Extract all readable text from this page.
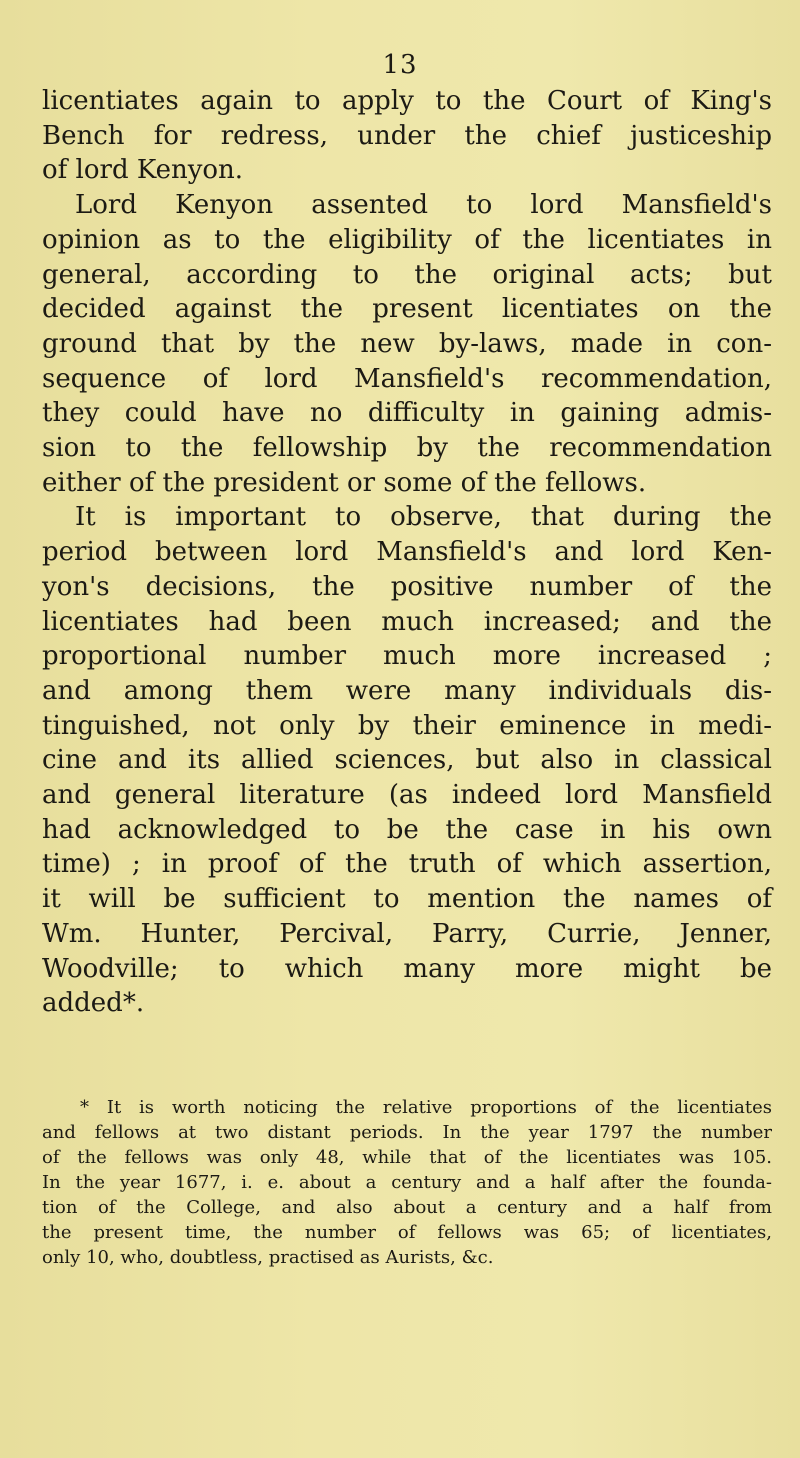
13
licentiates again to apply to the Court of King's
Bench for redress, under the chief justiceship
of lord Kenyon.
Lord Kenyon assented to lord Mansfield's
opinion as to the eligibility of the licentiates in
general, according to the original acts; but
decided against the present licentiates on the
ground that by the new by-laws, made in con-
sequence of lord Mansfield's recommendation,
they could have no difficulty in gaining admis-
sion to the fellowship by the recommendation
either of the president or some of the fellows.
It is important to observe, that during the
period between lord Mansfield's and lord Ken-
yon's decisions, the positive number of the
licentiates had been much increased; and the
proportional number much more increased ;
and among them were many individuals dis-
tinguished, not only by their eminence in medi-
cine and its allied sciences, but also in classical
and general literature (as indeed lord Mansfield
had acknowledged to be the case in his own
time) ; in proof of the truth of which assertion,
it will be sufficient to mention the names of
Wm. Hunter, Percival, Parry, Currie, Jenner,
Woodville; to which many more might be
added*.
* It is worth noticing the relative proportions of the licentiates
and fellows at two distant periods. In the year 1797 the number
of the fellows was only 48, while that of the licentiates was 105.
In the year 1677, i. e. about a century and a half after the founda-
tion of the College, and also about a century and a half from
the present time, the number of fellows was 65; of licentiates,
only 10, who, doubtless, practised as Aurists, &c.
